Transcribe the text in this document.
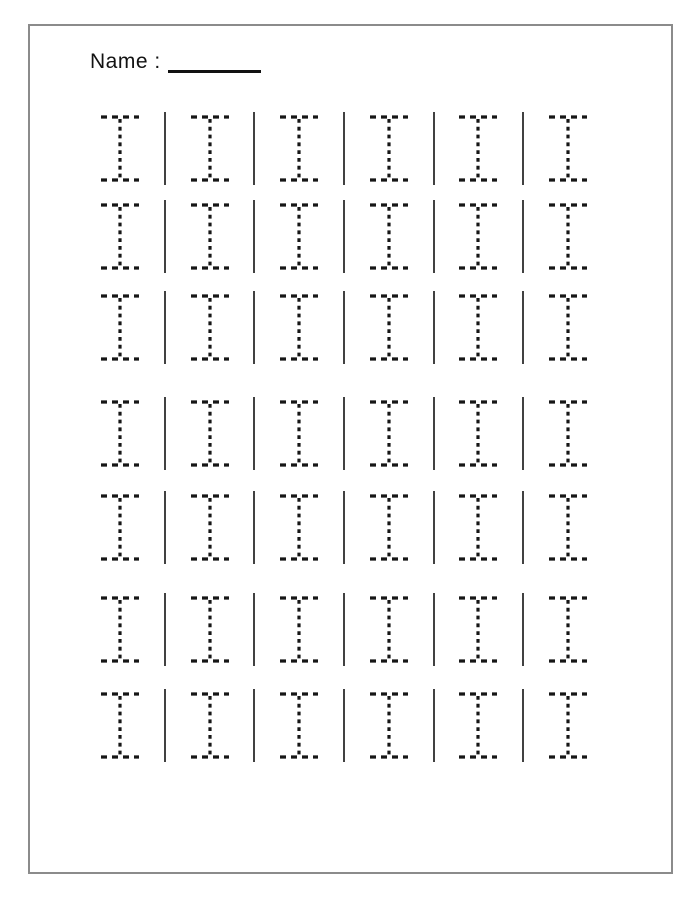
Name :
